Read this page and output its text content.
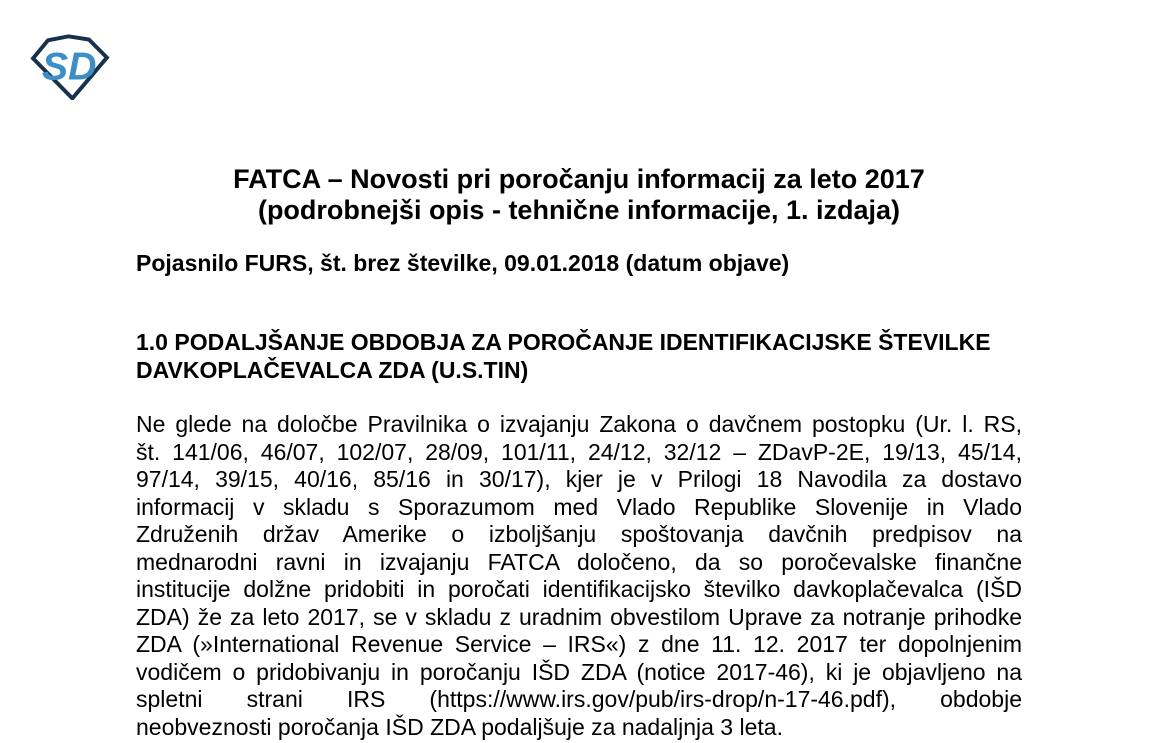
SD
FATCA – Novosti pri poročanju informacij za leto 2017
(podrobnejši opis - tehnične informacije, 1. izdaja)
Pojasnilo FURS, št. brez številke, 09.01.2018 (datum objave)
1.0 PODALJŠANJE OBDOBJA ZA POROČANJE IDENTIFIKACIJSKE ŠTEVILKE
DAVKOPLAČEVALCA ZDA (U.S.TIN)
Ne glede na določbe Pravilnika o izvajanju Zakona o davčnem postopku (Ur. l. RS,
št. 141/06, 46/07, 102/07, 28/09, 101/11, 24/12, 32/12 – ZDavP-2E, 19/13, 45/14,
97/14, 39/15, 40/16, 85/16 in 30/17), kjer je v Prilogi 18 Navodila za dostavo
informacij v skladu s Sporazumom med Vlado Republike Slovenije in Vlado
Združenih držav Amerike o izboljšanju spoštovanja davčnih predpisov na
mednarodni ravni in izvajanju FATCA določeno, da so poročevalske finančne
institucije dolžne pridobiti in poročati identifikacijsko številko davkoplačevalca (IŠD
ZDA) že za leto 2017, se v skladu z uradnim obvestilom Uprave za notranje prihodke
ZDA (»International Revenue Service – IRS«) z dne 11. 12. 2017 ter dopolnjenim
vodičem o pridobivanju in poročanju IŠD ZDA (notice 2017-46), ki je objavljeno na
spletni strani IRS (https://www.irs.gov/pub/irs-drop/n-17-46.pdf), obdobje
neobveznosti poročanja IŠD ZDA podaljšuje za nadaljnja 3 leta.
